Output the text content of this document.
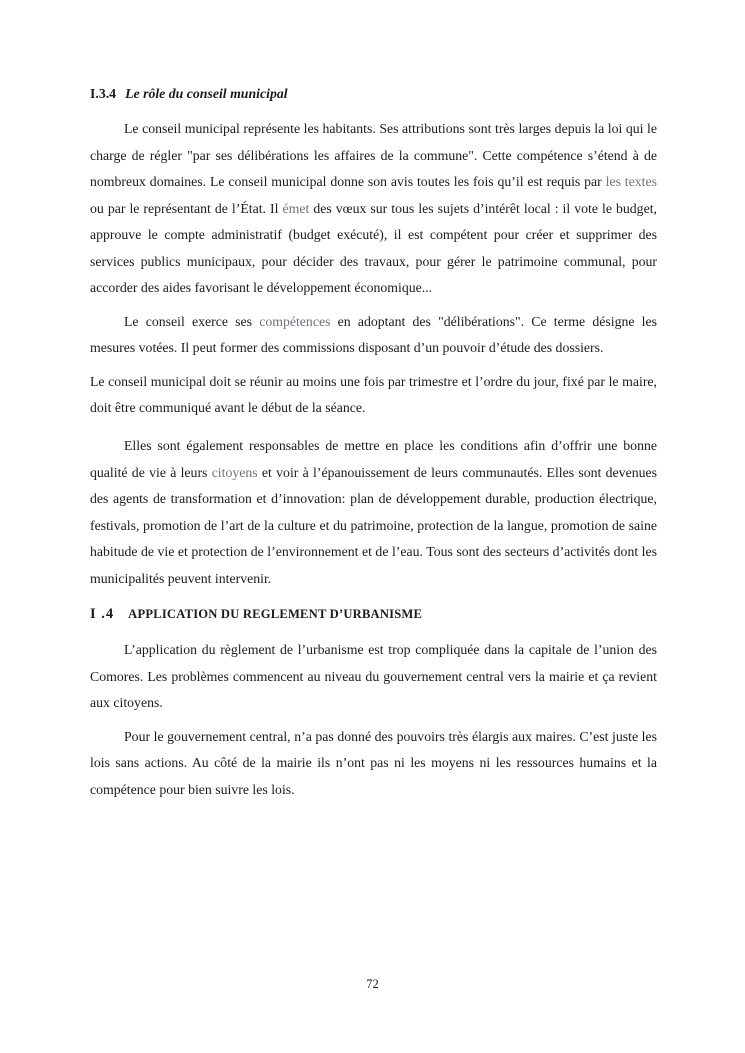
I.3.4 Le rôle du conseil municipal

Le conseil municipal représente les habitants. Ses attributions sont très larges depuis la loi qui le charge de régler "par ses délibérations les affaires de la commune". Cette compétence s’étend à de nombreux domaines. Le conseil municipal donne son avis toutes les fois qu’il est requis par les textes ou par le représentant de l’État. Il émet des vœux sur tous les sujets d’intérêt local : il vote le budget, approuve le compte administratif (budget exécuté), il est compétent pour créer et supprimer des services publics municipaux, pour décider des travaux, pour gérer le patrimoine communal, pour accorder des aides favorisant le développement économique...

Le conseil exerce ses compétences en adoptant des "délibérations". Ce terme désigne les mesures votées. Il peut former des commissions disposant d’un pouvoir d’étude des dossiers.

Le conseil municipal doit se réunir au moins une fois par trimestre et l’ordre du jour, fixé par le maire, doit être communiqué avant le début de la séance.

Elles sont également responsables de mettre en place les conditions afin d’offrir une bonne qualité de vie à leurs citoyens et voir à l’épanouissement de leurs communautés. Elles sont devenues des agents de transformation et d’innovation: plan de développement durable, production électrique, festivals, promotion de l’art de la culture et du patrimoine, protection de la langue, promotion de saine habitude de vie et protection de l’environnement et de l’eau. Tous sont des secteurs d’activités dont les municipalités peuvent intervenir.

I .4 APPLICATION DU REGLEMENT D’URBANISME

L’application du règlement de l’urbanisme est trop compliquée dans la capitale de l’union des Comores. Les problèmes commencent au niveau du gouvernement central vers la mairie et ça revient aux citoyens.

Pour le gouvernement central, n’a pas donné des pouvoirs très élargis aux maires. C’est juste les lois sans actions. Au côté de la mairie ils n’ont pas ni les moyens ni les ressources humains et la compétence pour bien suivre les lois.

72
